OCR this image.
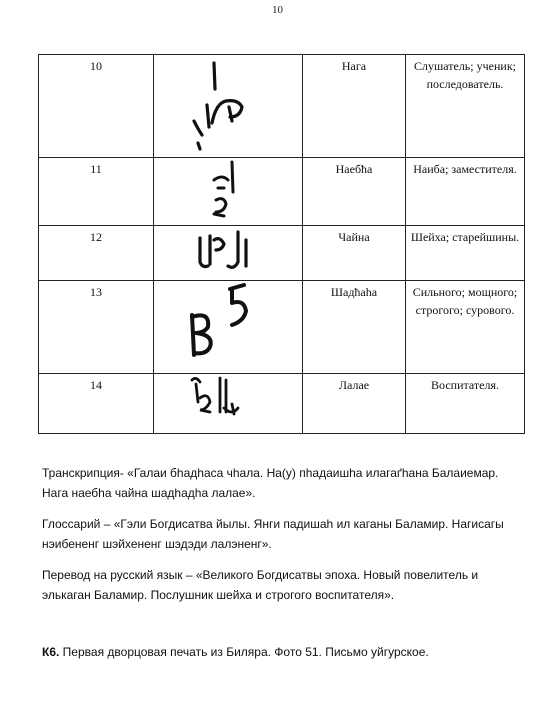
10
10		Нага	Слушатель; ученик; последователь.
11		Наебħа	Наиба; заместителя.
12		Чайна	Шейха; старейшины.
13		Шадħаhа	Сильного; мощного; строгого; сурового.
14		Лалае	Воспитателя.
Транскрипция- «Галаи бhадhаса чhала. На(у) пhадаишhа илагаґhана Балаиемар. Нага наебhа чайна шадhадhа лалае».
Глоссарий – «Гэли Богдисатва йылы. Янги падишаh ил каганы Баламир. Нагисагы нэибененг шэйхененг шэдэди лалэненг».
Перевод на русский язык – «Великого Богдисатвы эпоха. Новый повелитель и элькаган Баламир. Послушник шейха и строгого воспитателя».
К6. Первая дворцовая печать из Биляра. Фото 51. Письмо уйгурское.
